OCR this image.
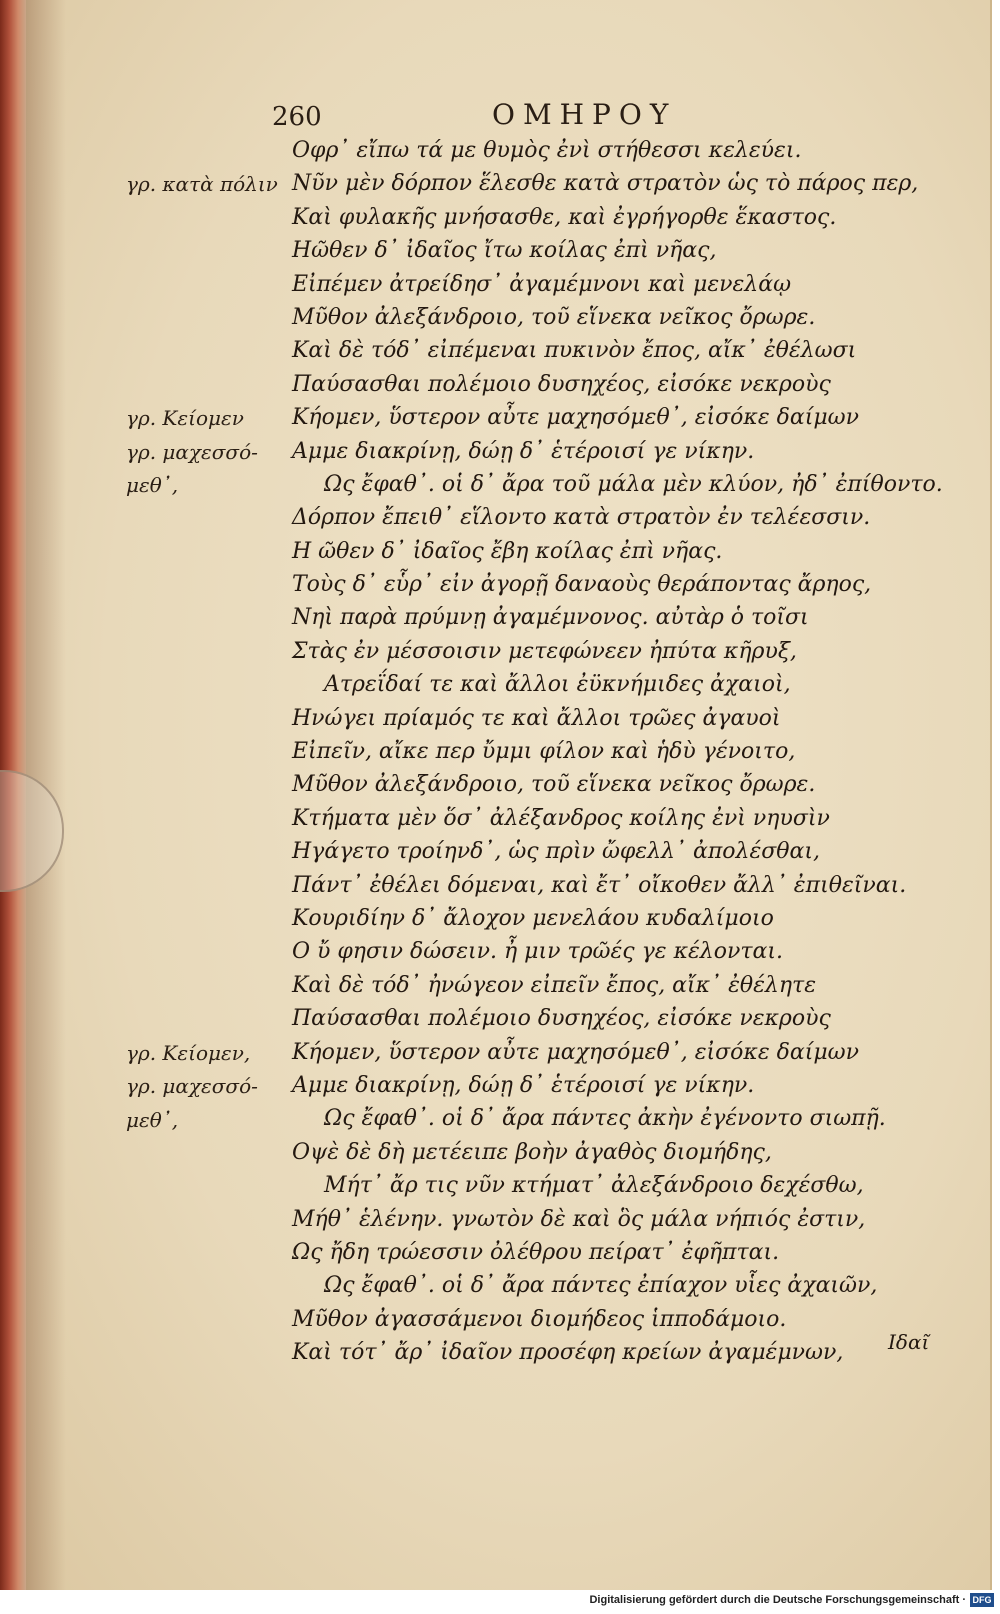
260	ΟΜΗΡΟΥ
Οφρ᾽ εἴπω τά με θυμὸς ἐνὶ στήθεσσι κελεύει.
Νῦν μὲν δόρπον ἕλεσθε κατὰ στρατὸν ὡς τὸ πάρος περ,
Καὶ φυλακῆς μνήσασθε, καὶ ἐγρήγορθε ἕκαστος.
Ηῶθεν δ᾽ ἰδαῖος ἴτω κοίλας ἐπὶ νῆας,
Εἰπέμεν ἀτρείδησ᾽ ἀγαμέμνονι καὶ μενελάῳ
Μῦθον ἀλεξάνδροιο, τοῦ εἵνεκα νεῖκος ὄρωρε.
Καὶ δὲ τόδ᾽ εἰπέμεναι πυκινὸν ἔπος, αἴκ᾽ ἐθέλωσι
Παύσασθαι πολέμοιο δυσηχέος, εἰσόκε νεκροὺς
Κήομεν, ὕστερον αὖτε μαχησόμεθ᾽, εἰσόκε δαίμων
Αμμε διακρίνῃ, δώῃ δ᾽ ἑτέροισί γε νίκην.
Ως ἔφαθ᾽. οἱ δ᾽ ἄρα τοῦ μάλα μὲν κλύον, ἠδ᾽ ἐπίθοντο.
Δόρπον ἔπειθ᾽ εἵλοντο κατὰ στρατὸν ἐν τελέεσσιν.
Η ῶθεν δ᾽ ἰδαῖος ἔβη κοίλας ἐπὶ νῆας.
Τοὺς δ᾽ εὗρ᾽ εἰν ἀγορῇ δαναοὺς θεράποντας ἄρηος,
Νηὶ παρὰ πρύμνῃ ἀγαμέμνονος. αὐτὰρ ὁ τοῖσι
Στὰς ἐν μέσσοισιν μετεφώνεεν ἠπύτα κῆρυξ,
Ατρεΐδαί τε καὶ ἄλλοι ἐϋκνήμιδες ἀχαιοὶ,
Ηνώγει πρίαμός τε καὶ ἄλλοι τρῶες ἀγαυοὶ
Εἰπεῖν, αἴκε περ ὔμμι φίλον καὶ ἡδὺ γένοιτο,
Μῦθον ἀλεξάνδροιο, τοῦ εἵνεκα νεῖκος ὄρωρε.
Κτήματα μὲν ὅσ᾽ ἀλέξανδρος κοίλης ἐνὶ νηυσὶν
Ηγάγετο τροίηνδ᾽, ὡς πρὶν ὤφελλ᾽ ἀπολέσθαι,
Πάντ᾽ ἐθέλει δόμεναι, καὶ ἔτ᾽ οἴκοθεν ἄλλ᾽ ἐπιθεῖναι.
Κουριδίην δ᾽ ἄλοχον μενελάου κυδαλίμοιο
Ο ὔ φησιν δώσειν. ἦ μιν τρῶές γε κέλονται.
Καὶ δὲ τόδ᾽ ἠνώγεον εἰπεῖν ἔπος, αἴκ᾽ ἐθέλητε
Παύσασθαι πολέμοιο δυσηχέος, εἰσόκε νεκροὺς
Κήομεν, ὕστερον αὖτε μαχησόμεθ᾽, εἰσόκε δαίμων
Αμμε διακρίνῃ, δώῃ δ᾽ ἑτέροισί γε νίκην.
Ως ἔφαθ᾽. οἱ δ᾽ ἄρα πάντες ἀκὴν ἐγένοντο σιωπῇ.
Οψὲ δὲ δὴ μετέειπε βοὴν ἀγαθὸς διομήδης,
Μήτ᾽ ἄρ τις νῦν κτήματ᾽ ἀλεξάνδροιο δεχέσθω,
Μήθ᾽ ἑλένην. γνωτὸν δὲ καὶ ὃς μάλα νήπιός ἐστιν,
Ως ἤδη τρώεσσιν ὀλέθρου πείρατ᾽ ἐφῆπται.
Ως ἔφαθ᾽. οἱ δ᾽ ἄρα πάντες ἐπίαχον υἷες ἀχαιῶν,
Μῦθον ἀγασσάμενοι διομήδεος ἱπποδάμοιο.
Καὶ τότ᾽ ἄρ᾽ ἰδαῖον προσέφη κρείων ἀγαμέμνων,
γρ. κατὰ πόλιν
γρ. Κείομεν
γρ. μαχεσσό-
μεθ᾽,
γρ. Κείομεν,
γρ. μαχεσσό-
μεθ᾽,
Ιδαῖ
Digitalisierung gefördert durch die Deutsche Forschungsgemeinschaft · DFG
